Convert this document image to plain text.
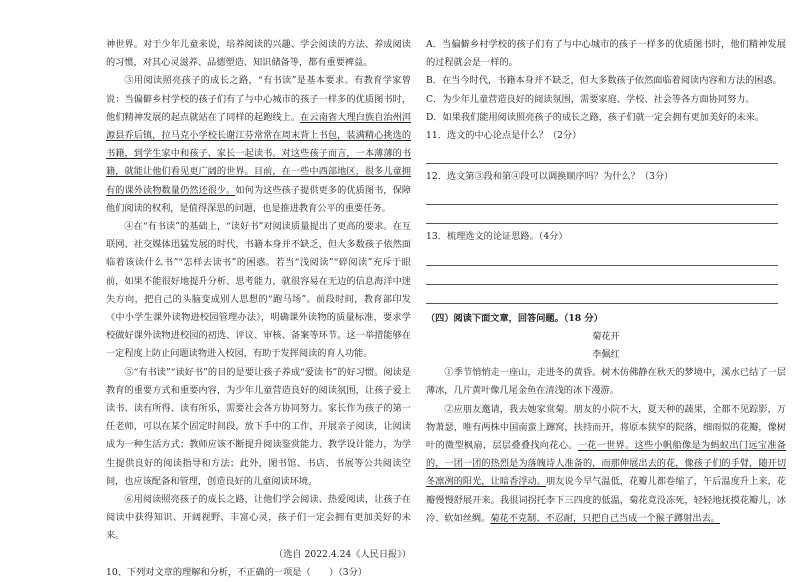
神世界。对于少年儿童来说，培养阅读的兴趣、学会阅读的方法、养成阅读的习惯，对其心灵滋养、品德塑造、知识储备等，都有重要裨益。

③用阅读照亮孩子的成长之路，“有书读”是基本要求。有教育学家曾说：当偏僻乡村学校的孩子们有了与中心城市的孩子一样多的优质图书时，他们精神发展的起点就站在了同样的起跑线上。在云南省大理白族自治州洱源县乔后镇，拉马克小学校长谢江芬常常在周末背上书包，装满精心挑选的书籍，到学生家中和孩子、家长一起读书。对这些孩子而言，一本薄薄的书籍，就能让他们看见更广阔的世界。目前，在一些中西部地区，很多儿童拥有的课外读物数量仍然还很少。如何为这些孩子提供更多的优质图书，保障他们阅读的权利，是值得深思的问题，也是推进教育公平的重要任务。

④在“有书读”的基础上，“读好书”对阅读质量提出了更高的要求。在互联网、社交媒体迅猛发展的时代，书籍本身并不缺乏，但大多数孩子依然面临着该读什么书”“怎样去读书”的困惑。若当“浅阅读”“碎阅读”充斥于眼前，如果不能很好地提升分析、思考能力，就很容易在无边的信息海洋中迷失方向，把自己的头脑变成别人思想的“跑马场”。前段时间，教育部印发《中小学生课外读物进校园管理办法》，明确课外读物的质量标准，要求学校做好课外读物进校园的初选、评议、审核、备案等环节。这一举措能够在一定程度上防止问题读物进入校园，有助于发挥阅读的育人功能。

⑤“有书读”“读好书”的目的是要让孩子养成“爱读书”的好习惯。阅读是教育的重要方式和重要内容，为少年儿童营造良好的阅读氛围，让孩子爱上读书、读有所得、读有所乐，需要社会各方协同努力。家长作为孩子的第一任老师，可以在某个固定时间段，放下手中的工作，开展亲子阅读，让阅读成为一种生活方式；教师应该不断提升阅读鉴赏能力、教学设计能力，为学生提供良好的阅读指导和方法；此外，图书馆、书店、书展等公共阅读空间，也应该配备和管理，创造良好的儿童阅读环境。

⑥用阅读照亮孩子的成长之路，让他们学会阅读、热爱阅读，让孩子在阅读中获得知识、开阔视野、丰富心灵，孩子们一定会拥有更加美好的未来。

（选自 2022.4.24《人民日报》）

10、下列对文章的理解和分析，不正确的一项是（　　）（3分）

A．当偏僻乡村学校的孩子们有了与中心城市的孩子一样多的优质图书时，他们精神发展的过程就会是一样的。

B．在当今时代，书籍本身并不缺乏，但大多数孩子依然面临着阅读内容和方法的困惑。

C．为少年儿童营造良好的阅读氛围，需要家庭、学校、社会等各方面协同努力。

D．如果我们能用阅读照亮孩子的成长之路，孩子们就一定会拥有更加美好的未来。

11．选文的中心论点是什么？（2分）

12．选文第③段和第④段可以调换顺序吗？为什么？（3分）

13．梳理选文的论证思路。（4分）

（四）阅读下面文章，回答问题。（18 分）

菊花开

李佩红

①季节悄悄走一座山，走进冬的黄昏。树木仿佛静在秋天的梦境中，溪水已结了一层薄冰，几片黄叶像几尾金鱼在清浅的冰下漫游。

②应朋友邀请，我去她家赏菊。朋友的小院不大，夏天种的蔬果，全都不见踪影，万物萧瑟，唯有两株中国南蛮上蹿窝，扶持而开，将原本狭窄的院落，细雨似的花瓣，像树叶的微型枫扇，层层叠叠找向花心。一花一世界。这些小帆船像是为蚂蚁出门远宝准备的，一团一团的热烈是为落魄诗人准备的，而那伸展出去的花，像孩子们的手臂，随开切冬凛冽的阳光，让暗香浮动。朋友说今早气温低，花瓣儿都卷缩了，午后温度升上来，花瓣慢慢舒展开来。我很词拐托李下三四度的低温，菊花竟没冻死，轻轻地抚摸花瓣儿，冰冷、软如丝绸。菊花不克制、不忍耐，只把自己当成一个猴子蹲射出去。
